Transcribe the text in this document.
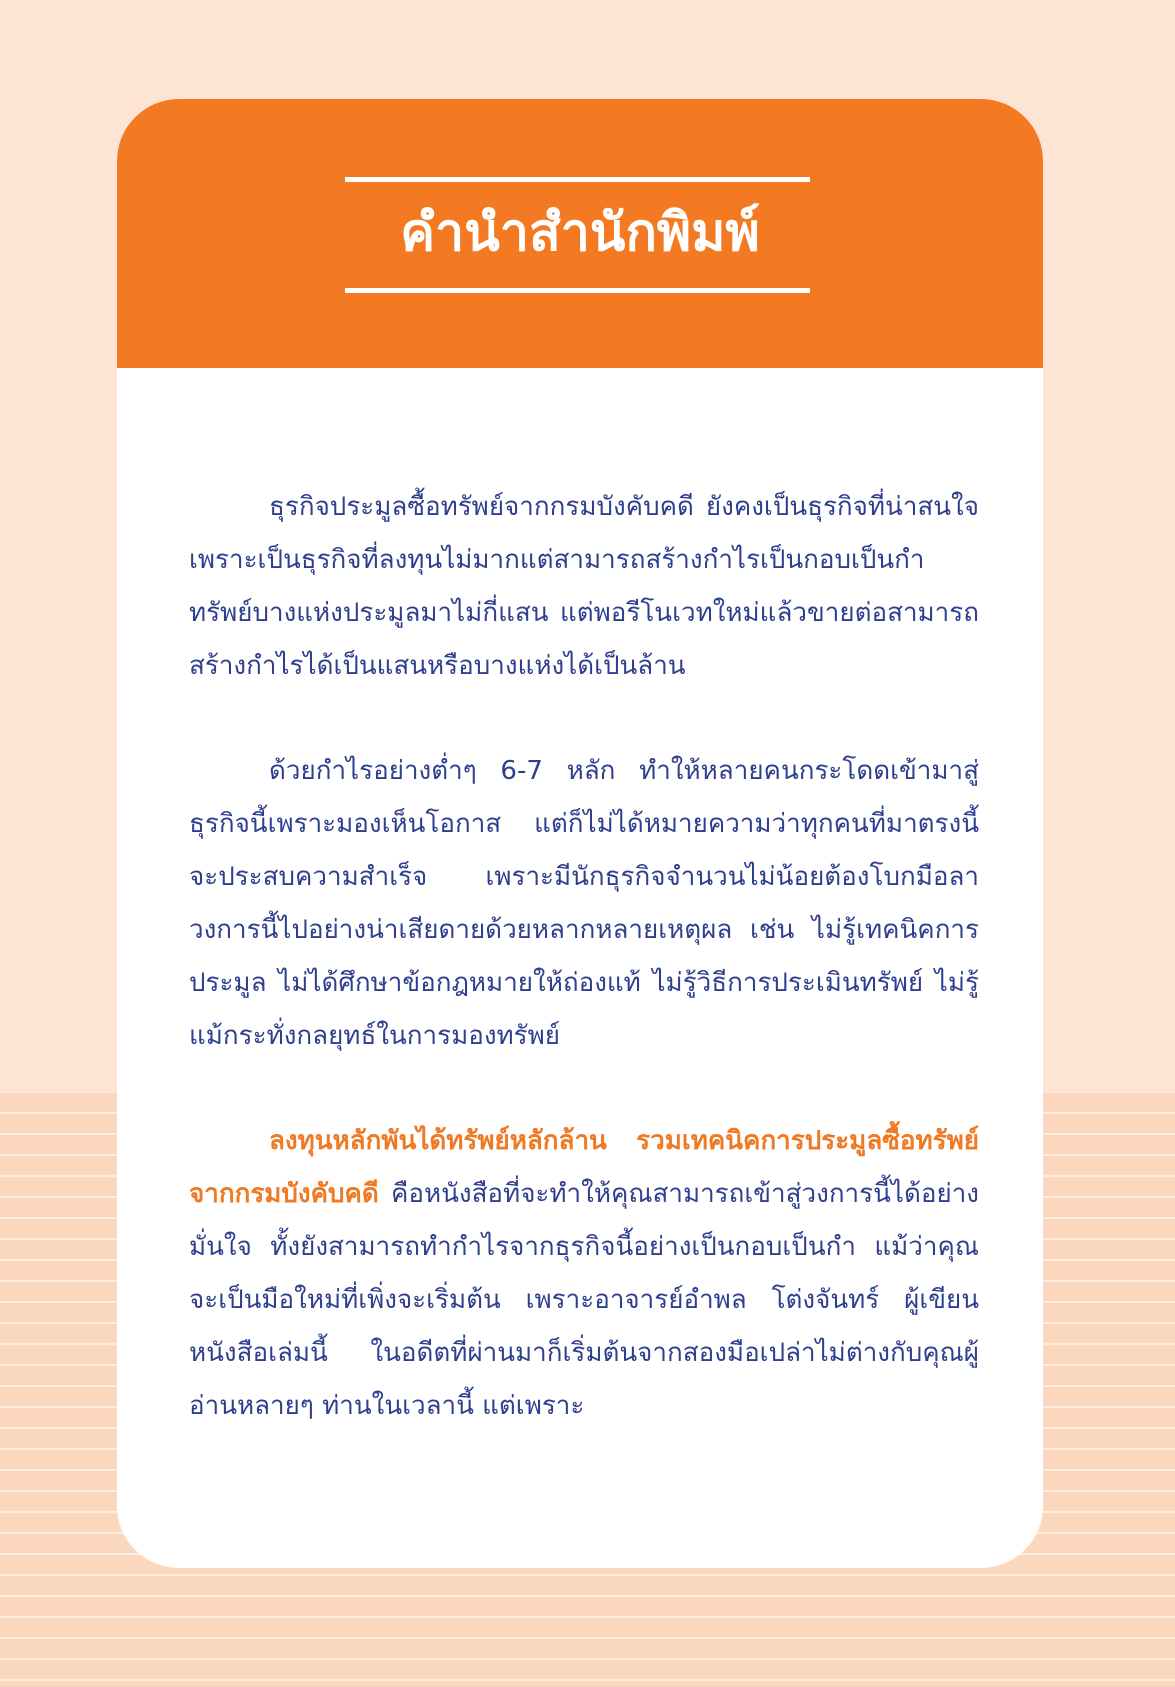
คำนำสำนักพิมพ์

ธุรกิจประมูลซื้อทรัพย์จากกรมบังคับคดี ยังคงเป็นธุรกิจที่น่าสนใจ เพราะเป็นธุรกิจที่ลงทุนไม่มากแต่สามารถสร้างกำไรเป็นกอบเป็นกำ ทรัพย์บางแห่งประมูลมาไม่กี่แสน แต่พอรีโนเวทใหม่แล้วขายต่อสามารถสร้างกำไรได้เป็นแสนหรือบางแห่งได้เป็นล้าน

ด้วยกำไรอย่างต่ำๆ 6-7 หลัก ทำให้หลายคนกระโดดเข้ามาสู่ธุรกิจนี้เพราะมองเห็นโอกาส แต่ก็ไม่ได้หมายความว่าทุกคนที่มาตรงนี้จะประสบความสำเร็จ เพราะมีนักธุรกิจจำนวนไม่น้อยต้องโบกมือลาวงการนี้ไปอย่างน่าเสียดายด้วยหลากหลายเหตุผล เช่น ไม่รู้เทคนิคการประมูล ไม่ได้ศึกษาข้อกฎหมายให้ถ่องแท้ ไม่รู้วิธีการประเมินทรัพย์ ไม่รู้แม้กระทั่งกลยุทธ์ในการมองทรัพย์

ลงทุนหลักพันได้ทรัพย์หลักล้าน รวมเทคนิคการประมูลซื้อทรัพย์จากกรมบังคับคดี คือหนังสือที่จะทำให้คุณสามารถเข้าสู่วงการนี้ได้อย่างมั่นใจ ทั้งยังสามารถทำกำไรจากธุรกิจนี้อย่างเป็นกอบเป็นกำ แม้ว่าคุณจะเป็นมือใหม่ที่เพิ่งจะเริ่มต้น เพราะอาจารย์อำพล โต่งจันทร์ ผู้เขียนหนังสือเล่มนี้ ในอดีตที่ผ่านมาก็เริ่มต้นจากสองมือเปล่าไม่ต่างกับคุณผู้อ่านหลายๆ ท่านในเวลานี้ แต่เพราะ
